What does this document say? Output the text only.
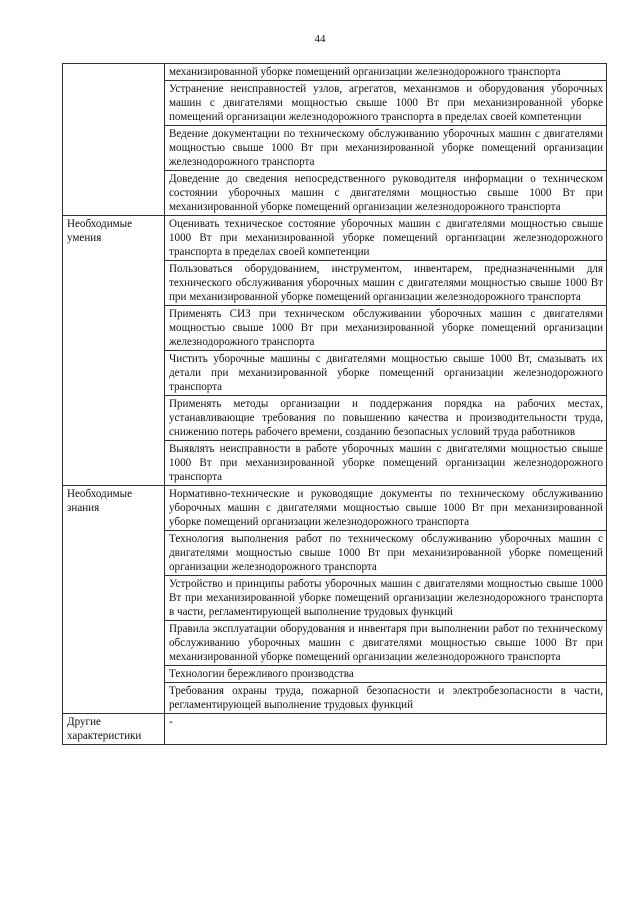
44
	механизированной уборке помещений организации железнодорожного транспорта
	Устранение неисправностей узлов, агрегатов, механизмов и оборудования уборочных машин с двигателями мощностью свыше 1000 Вт при механизированной уборке помещений организации железнодорожного транспорта в пределах своей компетенции
	Ведение документации по техническому обслуживанию уборочных машин с двигателями мощностью свыше 1000 Вт при механизированной уборке помещений организации железнодорожного транспорта
	Доведение до сведения непосредственного руководителя информации о техническом состоянии уборочных машин с двигателями мощностью свыше 1000 Вт при механизированной уборке помещений организации железнодорожного транспорта
Необходимые умения	Оценивать техническое состояние уборочных машин с двигателями мощностью свыше 1000 Вт при механизированной уборке помещений организации железнодорожного транспорта в пределах своей компетенции
	Пользоваться оборудованием, инструментом, инвентарем, предназначенными для технического обслуживания уборочных машин с двигателями мощностью свыше 1000 Вт при механизированной уборке помещений организации железнодорожного транспорта
	Применять СИЗ при техническом обслуживании уборочных машин с двигателями мощностью свыше 1000 Вт при механизированной уборке помещений организации железнодорожного транспорта
	Чистить уборочные машины с двигателями мощностью свыше 1000 Вт, смазывать их детали при механизированной уборке помещений организации железнодорожного транспорта
	Применять методы организации и поддержания порядка на рабочих местах, устанавливающие требования по повышению качества и производительности труда, снижению потерь рабочего времени, созданию безопасных условий труда работников
	Выявлять неисправности в работе уборочных машин с двигателями мощностью свыше 1000 Вт при механизированной уборке помещений организации железнодорожного транспорта
Необходимые знания	Нормативно-технические и руководящие документы по техническому обслуживанию уборочных машин с двигателями мощностью свыше 1000 Вт при механизированной уборке помещений организации железнодорожного транспорта
	Технология выполнения работ по техническому обслуживанию уборочных машин с двигателями мощностью свыше 1000 Вт при механизированной уборке помещений организации железнодорожного транспорта
	Устройство и принципы работы уборочных машин с двигателями мощностью свыше 1000 Вт при механизированной уборке помещений организации железнодорожного транспорта в части, регламентирующей выполнение трудовых функций
	Правила эксплуатации оборудования и инвентаря при выполнении работ по техническому обслуживанию уборочных машин с двигателями мощностью свыше 1000 Вт при механизированной уборке помещений организации железнодорожного транспорта
	Технологии бережливого производства
	Требования охраны труда, пожарной безопасности и электробезопасности в части, регламентирующей выполнение трудовых функций
Другие характеристики	-
